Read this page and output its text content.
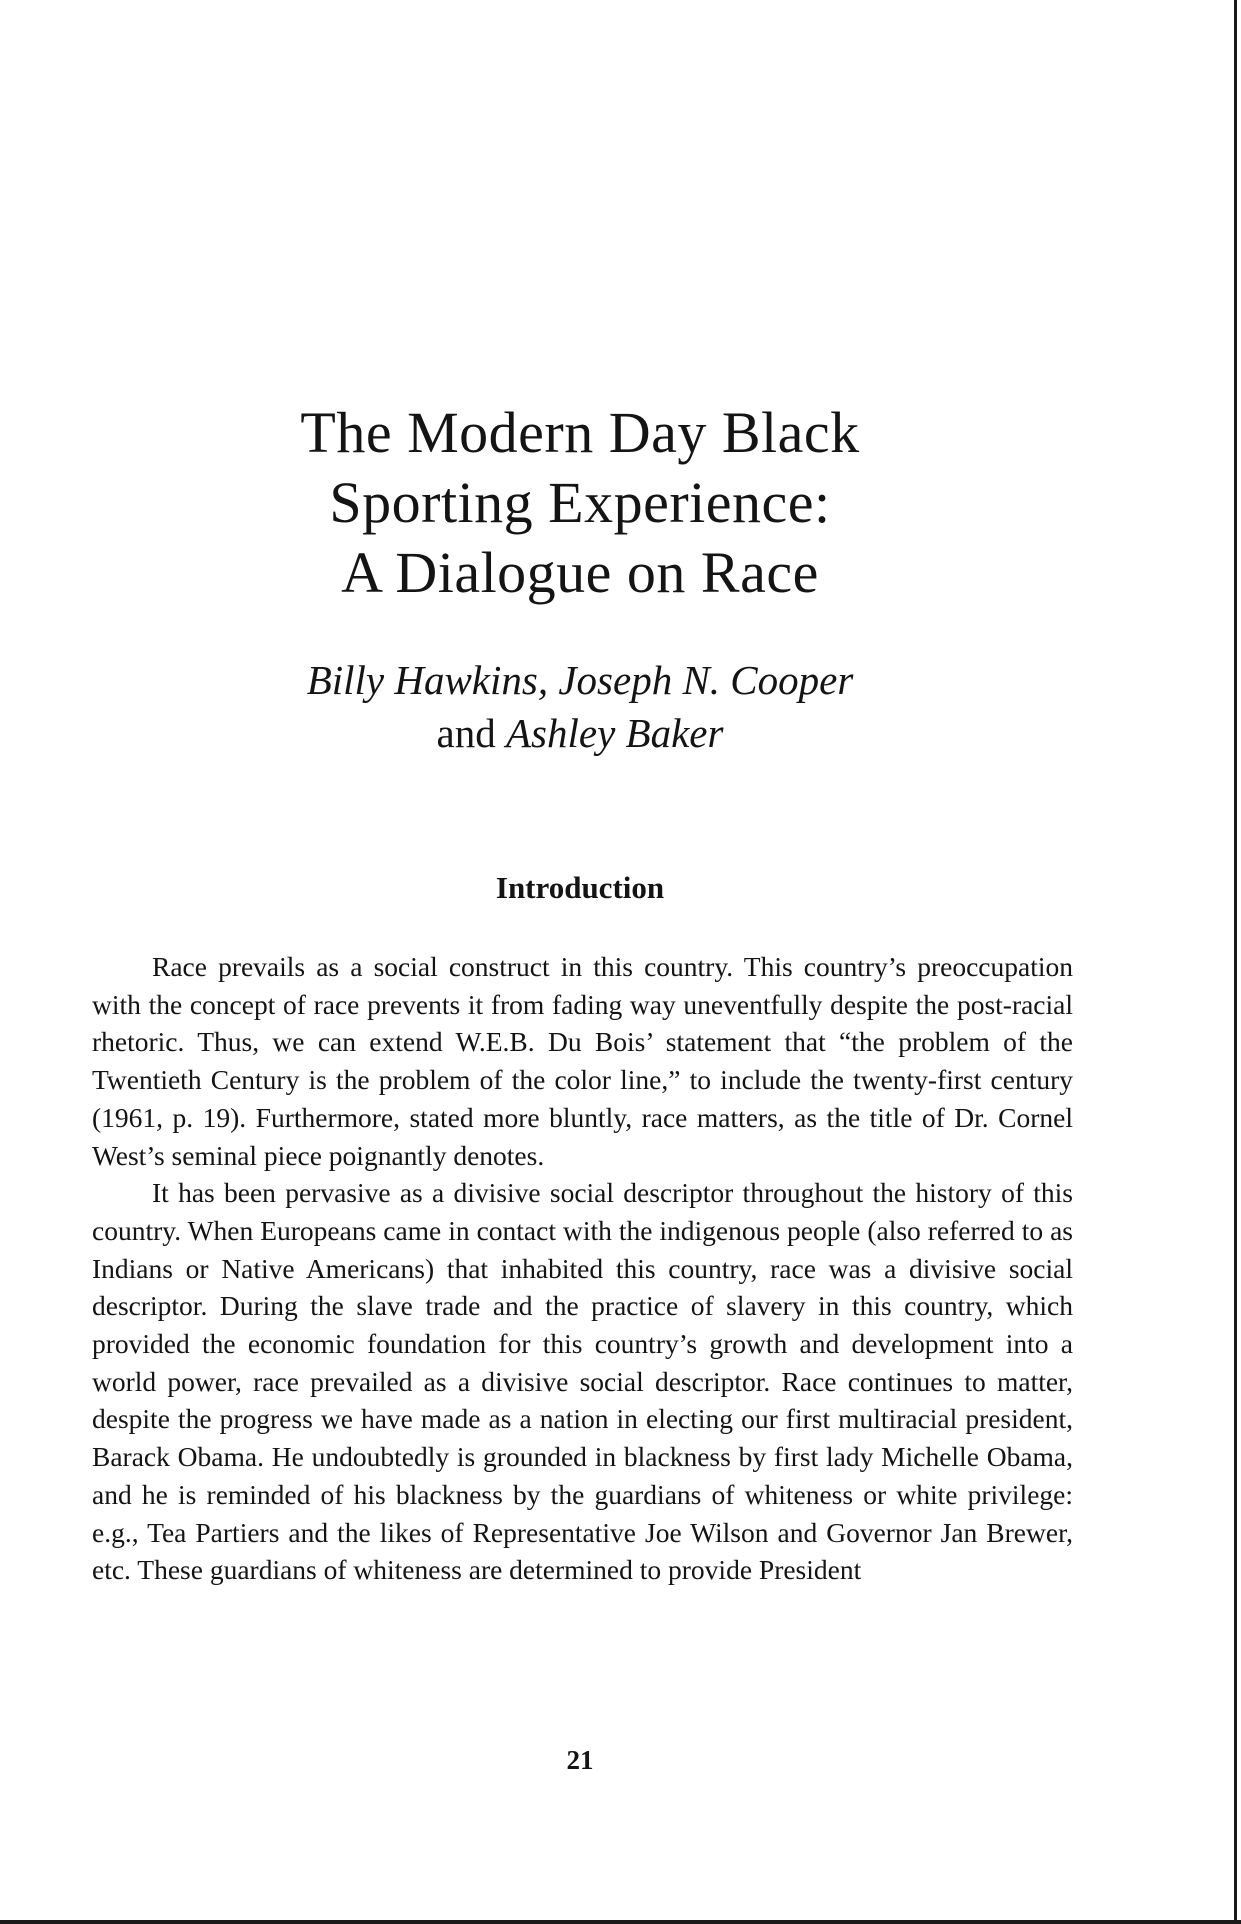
The Modern Day Black
Sporting Experience:
A Dialogue on Race
Billy Hawkins, Joseph N. Cooper
and Ashley Baker
Introduction

Race prevails as a social construct in this country. This country’s preoccupation with the concept of race prevents it from fading way uneventfully despite the post-racial rhetoric. Thus, we can extend W.E.B. Du Bois’ statement that “the problem of the Twentieth Century is the problem of the color line,” to include the twenty-first century (1961, p. 19). Furthermore, stated more bluntly, race matters, as the title of Dr. Cornel West’s seminal piece poignantly denotes.

It has been pervasive as a divisive social descriptor throughout the history of this country. When Europeans came in contact with the indigenous people (also referred to as Indians or Native Americans) that inhabited this country, race was a divisive social descriptor. During the slave trade and the practice of slavery in this country, which provided the economic foundation for this country’s growth and development into a world power, race prevailed as a divisive social descriptor. Race continues to matter, despite the progress we have made as a nation in electing our first multiracial president, Barack Obama. He undoubtedly is grounded in blackness by first lady Michelle Obama, and he is reminded of his blackness by the guardians of whiteness or white privilege: e.g., Tea Partiers and the likes of Representative Joe Wilson and Governor Jan Brewer, etc. These guardians of whiteness are determined to provide President

21
